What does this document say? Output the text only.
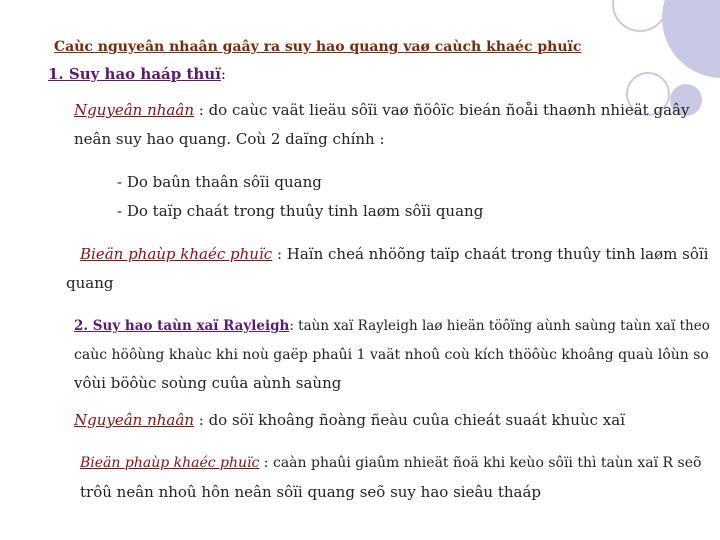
Caùc nguyeân nhaân gaây ra suy hao quang vaø caùch khaéc phuïc
1. Suy hao haáp thuï:
Nguyeân nhaân : do caùc vaät lieäu sôïi vaø ñöôïc bieán ñoåi thaønh nhieät gaây
neân suy hao quang. Coù 2 daïng chính :
- Do baûn thaân sôïi quang
- Do taïp chaát trong thuûy tinh laøm sôïi quang
Bieän phaùp khaéc phuïc : Haïn cheá nhöõng taïp chaát trong thuûy tinh laøm sôïi
quang
2. Suy hao taùn xaï Rayleigh: taùn xaï Rayleigh laø hieän töôïng aùnh saùng taùn xaï theo
caùc höôùng khaùc khi noù gaëp phaûi 1 vaät nhoû coù kích thöôùc khoâng quaù lôùn so
vôùi böôùc soùng cuûa aùnh saùng
Nguyeân nhaân : do söï khoâng ñoàng ñeàu cuûa chieát suaát khuùc xaï
Bieän phaùp khaéc phuïc : caàn phaûi giaûm nhieät ñoä khi keùo sôïi thì taùn xaï R seõ
trôû neân nhoû hôn neân sôïi quang seõ suy hao sieâu thaáp
